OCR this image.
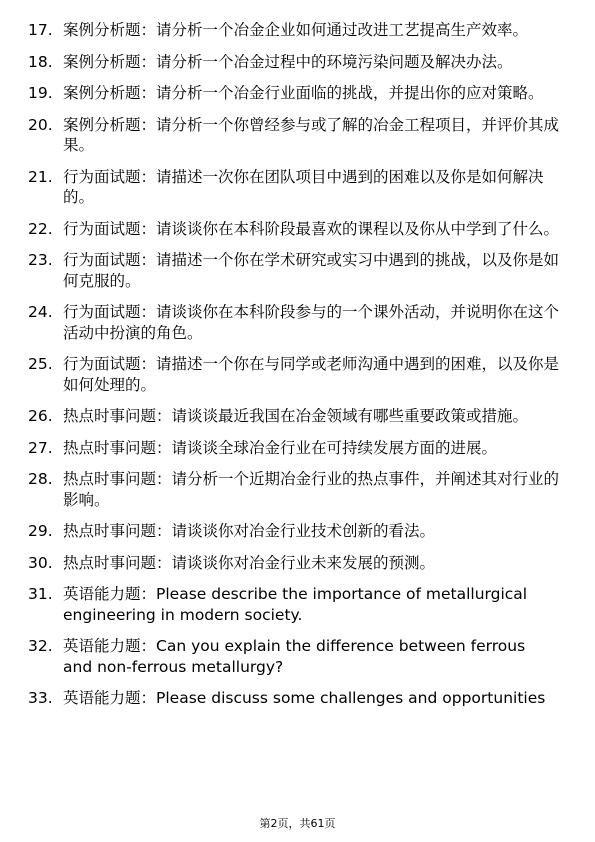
17. 案例分析题：请分析一个冶金企业如何通过改进工艺提高生产效率。
18. 案例分析题：请分析一个冶金过程中的环境污染问题及解决办法。
19. 案例分析题：请分析一个冶金行业面临的挑战，并提出你的应对策略。
20. 案例分析题：请分析一个你曾经参与或了解的冶金工程项目，并评价其成果。
21. 行为面试题：请描述一次你在团队项目中遇到的困难以及你是如何解决的。
22. 行为面试题：请谈谈你在本科阶段最喜欢的课程以及你从中学到了什么。
23. 行为面试题：请描述一个你在学术研究或实习中遇到的挑战，以及你是如何克服的。
24. 行为面试题：请谈谈你在本科阶段参与的一个课外活动，并说明你在这个活动中扮演的角色。
25. 行为面试题：请描述一个你在与同学或老师沟通中遇到的困难，以及你是如何处理的。
26. 热点时事问题：请谈谈最近我国在冶金领域有哪些重要政策或措施。
27. 热点时事问题：请谈谈全球冶金行业在可持续发展方面的进展。
28. 热点时事问题：请分析一个近期冶金行业的热点事件，并阐述其对行业的影响。
29. 热点时事问题：请谈谈你对冶金行业技术创新的看法。
30. 热点时事问题：请谈谈你对冶金行业未来发展的预测。
31. 英语能力题：Please describe the importance of metallurgical engineering in modern society.
32. 英语能力题：Can you explain the difference between ferrous and non-ferrous metallurgy?
33. 英语能力题：Please discuss some challenges and opportunities
第2页，共61页
